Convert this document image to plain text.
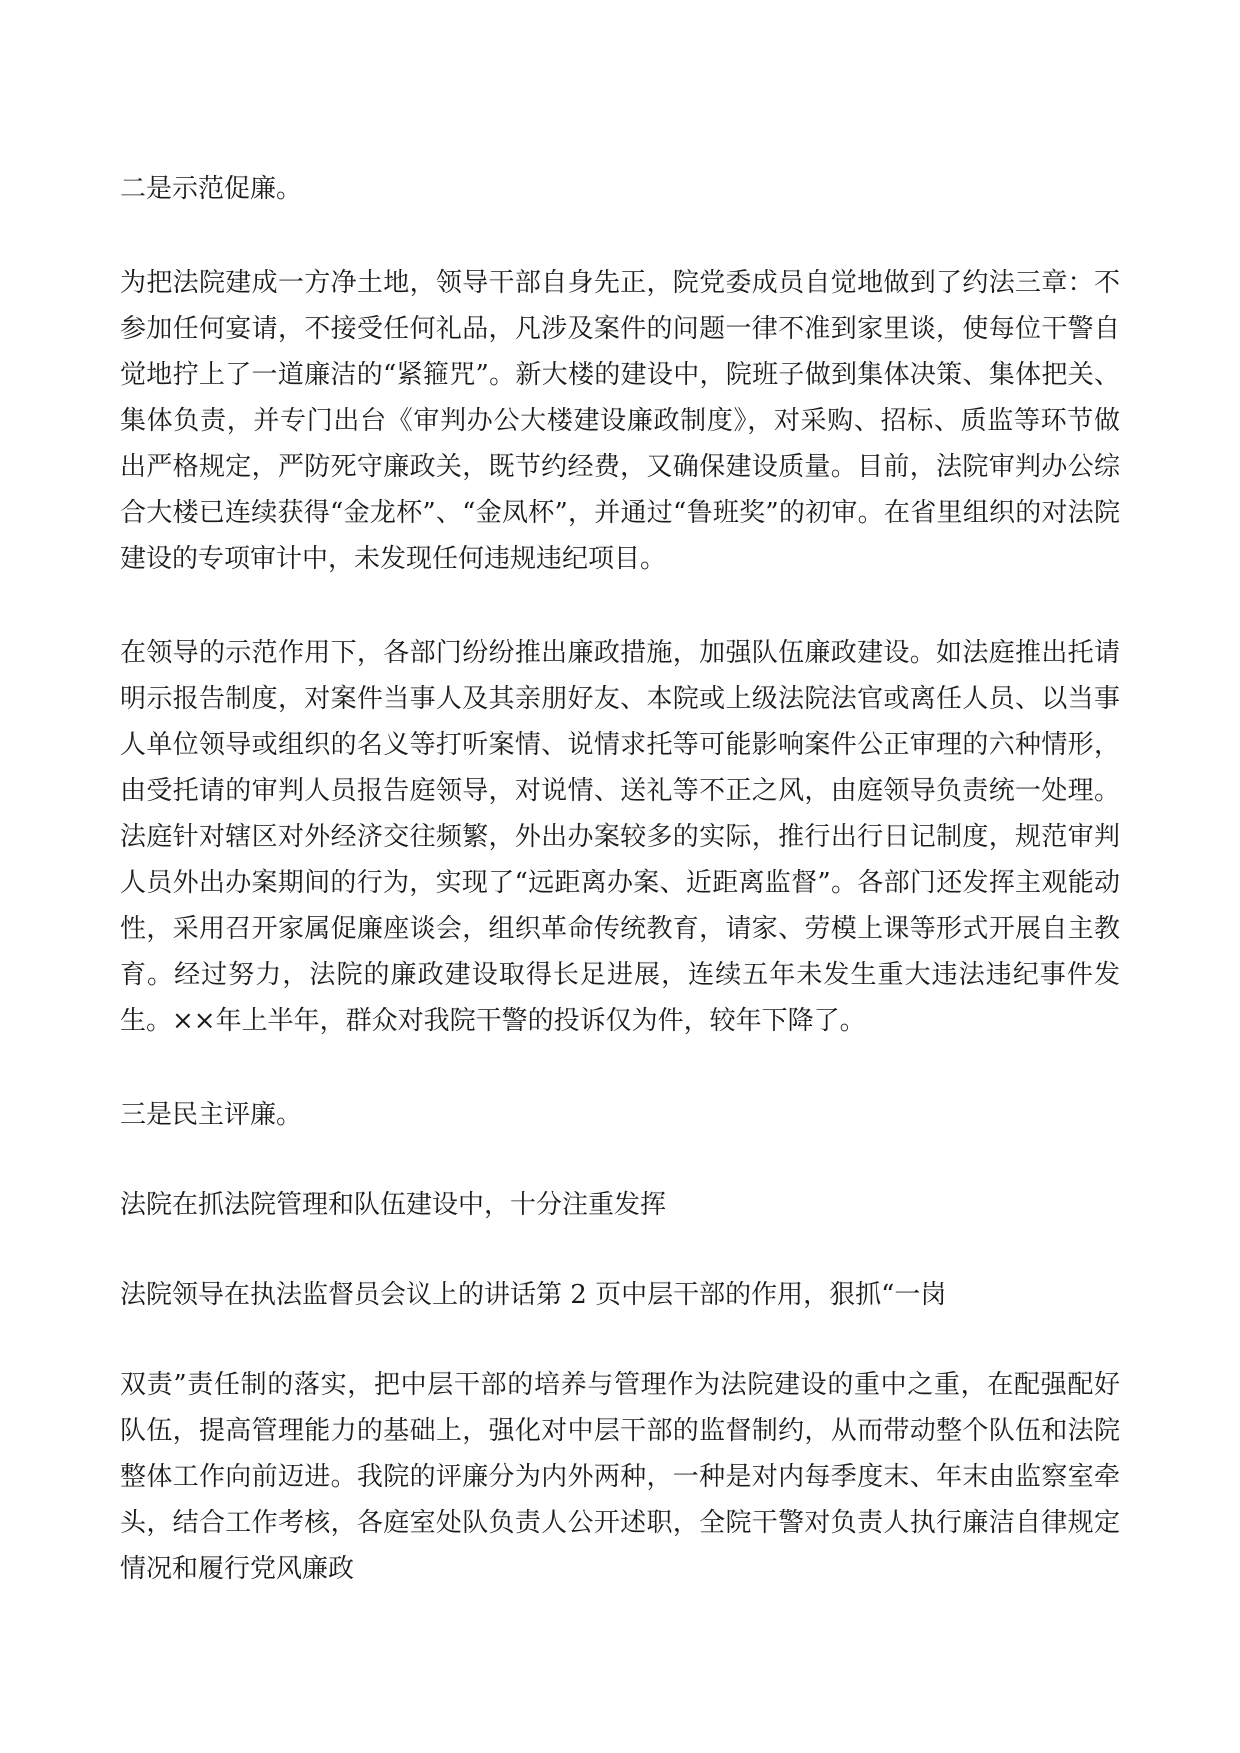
二是示范促廉。

为把法院建成一方净土地，领导干部自身先正，院党委成员自觉地做到了约法三章：不参加任何宴请，不接受任何礼品，凡涉及案件的问题一律不准到家里谈，使每位干警自觉地拧上了一道廉洁的“紧箍咒”。新大楼的建设中，院班子做到集体决策、集体把关、集体负责，并专门出台《审判办公大楼建设廉政制度》，对采购、招标、质监等环节做出严格规定，严防死守廉政关，既节约经费，又确保建设质量。目前，法院审判办公综合大楼已连续获得“金龙杯”、“金凤杯”，并通过“鲁班奖”的初审。在省里组织的对法院建设的专项审计中，未发现任何违规违纪项目。

在领导的示范作用下，各部门纷纷推出廉政措施，加强队伍廉政建设。如法庭推出托请明示报告制度，对案件当事人及其亲朋好友、本院或上级法院法官或离任人员、以当事人单位领导或组织的名义等打听案情、说情求托等可能影响案件公正审理的六种情形，由受托请的审判人员报告庭领导，对说情、送礼等不正之风，由庭领导负责统一处理。法庭针对辖区对外经济交往频繁，外出办案较多的实际，推行出行日记制度，规范审判人员外出办案期间的行为，实现了“远距离办案、近距离监督”。各部门还发挥主观能动性，采用召开家属促廉座谈会，组织革命传统教育，请家、劳模上课等形式开展自主教育。经过努力，法院的廉政建设取得长足进展，连续五年未发生重大违法违纪事件发生。××年上半年，群众对我院干警的投诉仅为件，较年下降了。

三是民主评廉。

法院在抓法院管理和队伍建设中，十分注重发挥

法院领导在执法监督员会议上的讲话第 2 页中层干部的作用，狠抓“一岗

双责”责任制的落实，把中层干部的培养与管理作为法院建设的重中之重，在配强配好队伍，提高管理能力的基础上，强化对中层干部的监督制约，从而带动整个队伍和法院整体工作向前迈进。我院的评廉分为内外两种，一种是对内每季度末、年末由监察室牵头，结合工作考核，各庭室处队负责人公开述职，全院干警对负责人执行廉洁自律规定情况和履行党风廉政
